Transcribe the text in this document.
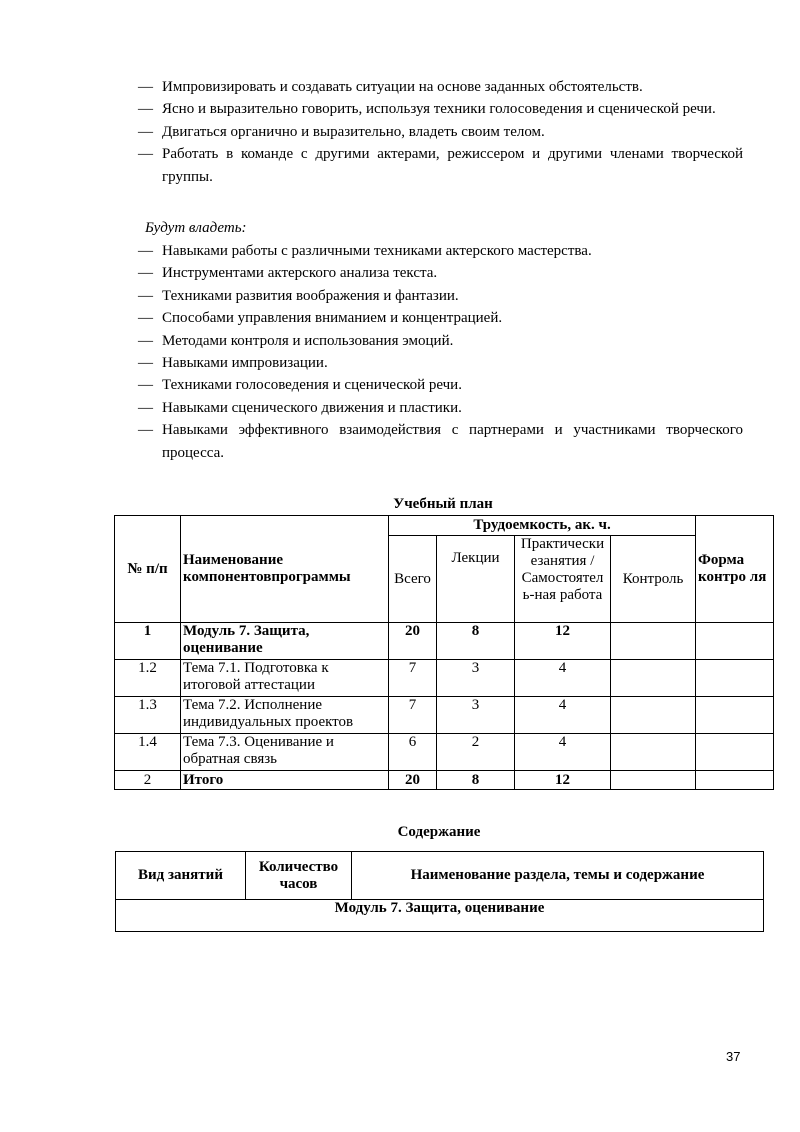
— Импровизировать и создавать ситуации на основе заданных обстоятельств.
— Ясно и выразительно говорить, используя техники голосоведения и сценической речи.
— Двигаться органично и выразительно, владеть своим телом.
— Работать в команде с другими актерами, режиссером и другими членами творческой группы.
Будут владеть:
— Навыками работы с различными техниками актерского мастерства.
— Инструментами актерского анализа текста.
— Техниками развития воображения и фантазии.
— Способами управления вниманием и концентрацией.
— Методами контроля и использования эмоций.
— Навыками импровизации.
— Техниками голосоведения и сценической речи.
— Навыками сценического движения и пластики.
— Навыками эффективного взаимодействия с партнерами и участниками творческого процесса.
Учебный план
№ п/п	Наименование компонентовпрограммы	Трудоемкость, ак. ч.				Форма контро ля
		Всего	Лекции	Практически езанятия / Самостоятел ь-ная работа	Контроль	
1	Модуль 7. Защита, оценивание	20	8	12		
1.2	Тема 7.1. Подготовка к итоговой аттестации	7	3	4		
1.3	Тема 7.2. Исполнение индивидуальных проектов	7	3	4		
1.4	Тема 7.3. Оценивание и обратная связь	6	2	4		
2	Итого	20	8	12		
Содержание
Вид занятий	Количество часов	Наименование раздела, темы и содержание
Модуль 7. Защита, оценивание
37
